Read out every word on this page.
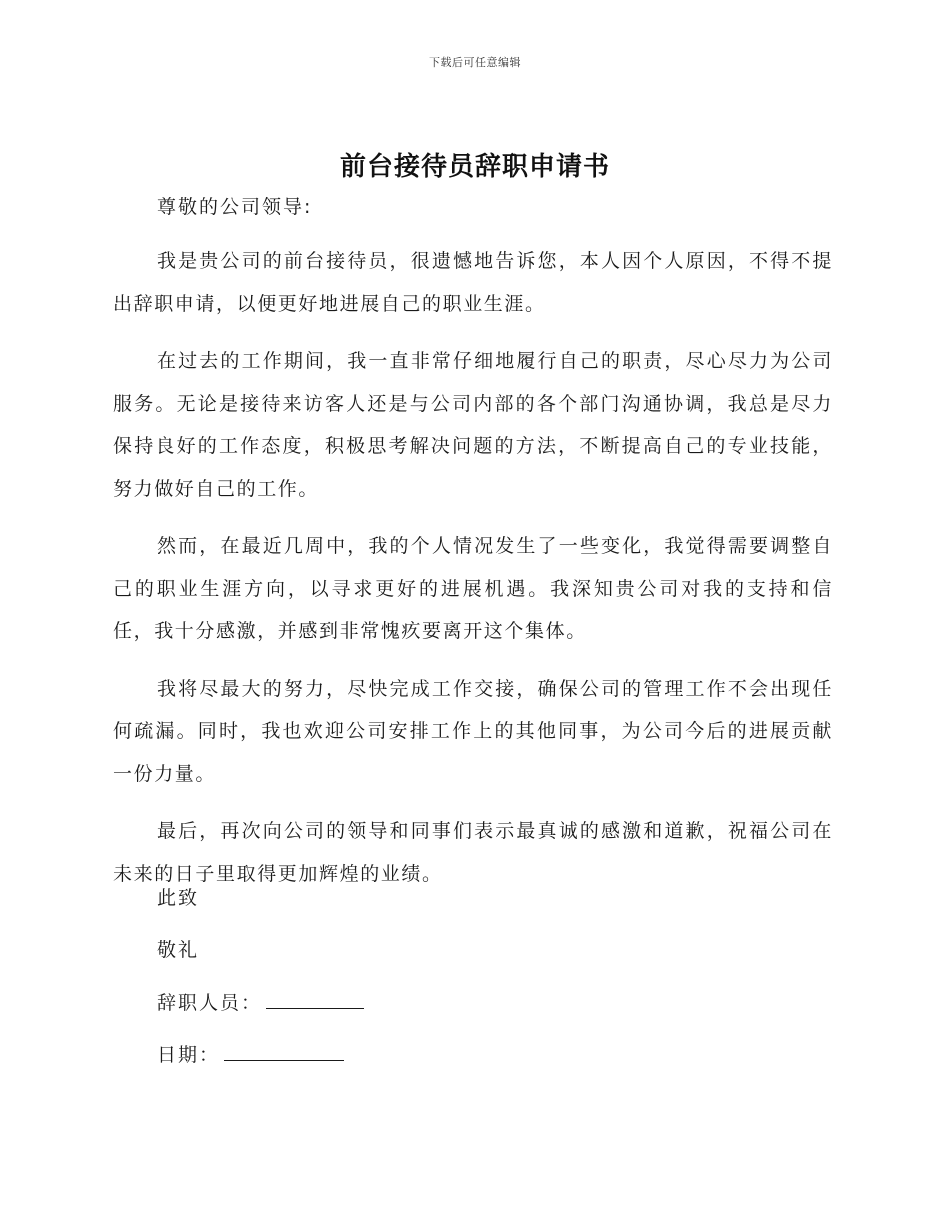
下载后可任意编辑
前台接待员辞职申请书
尊敬的公司领导:

我是贵公司的前台接待员，很遗憾地告诉您，本人因个人原因，不得不提出辞职申请，以便更好地进展自己的职业生涯。

在过去的工作期间，我一直非常仔细地履行自己的职责，尽心尽力为公司服务。无论是接待来访客人还是与公司内部的各个部门沟通协调，我总是尽力保持良好的工作态度，积极思考解决问题的方法，不断提高自己的专业技能，努力做好自己的工作。

然而，在最近几周中，我的个人情况发生了一些变化，我觉得需要调整自己的职业生涯方向，以寻求更好的进展机遇。我深知贵公司对我的支持和信任，我十分感激，并感到非常愧疚要离开这个集体。

我将尽最大的努力，尽快完成工作交接，确保公司的管理工作不会出现任何疏漏。同时，我也欢迎公司安排工作上的其他同事，为公司今后的进展贡献一份力量。

最后，再次向公司的领导和同事们表示最真诚的感激和道歉，祝福公司在未来的日子里取得更加辉煌的业绩。

此致
敬礼
辞职人员：
日期：
